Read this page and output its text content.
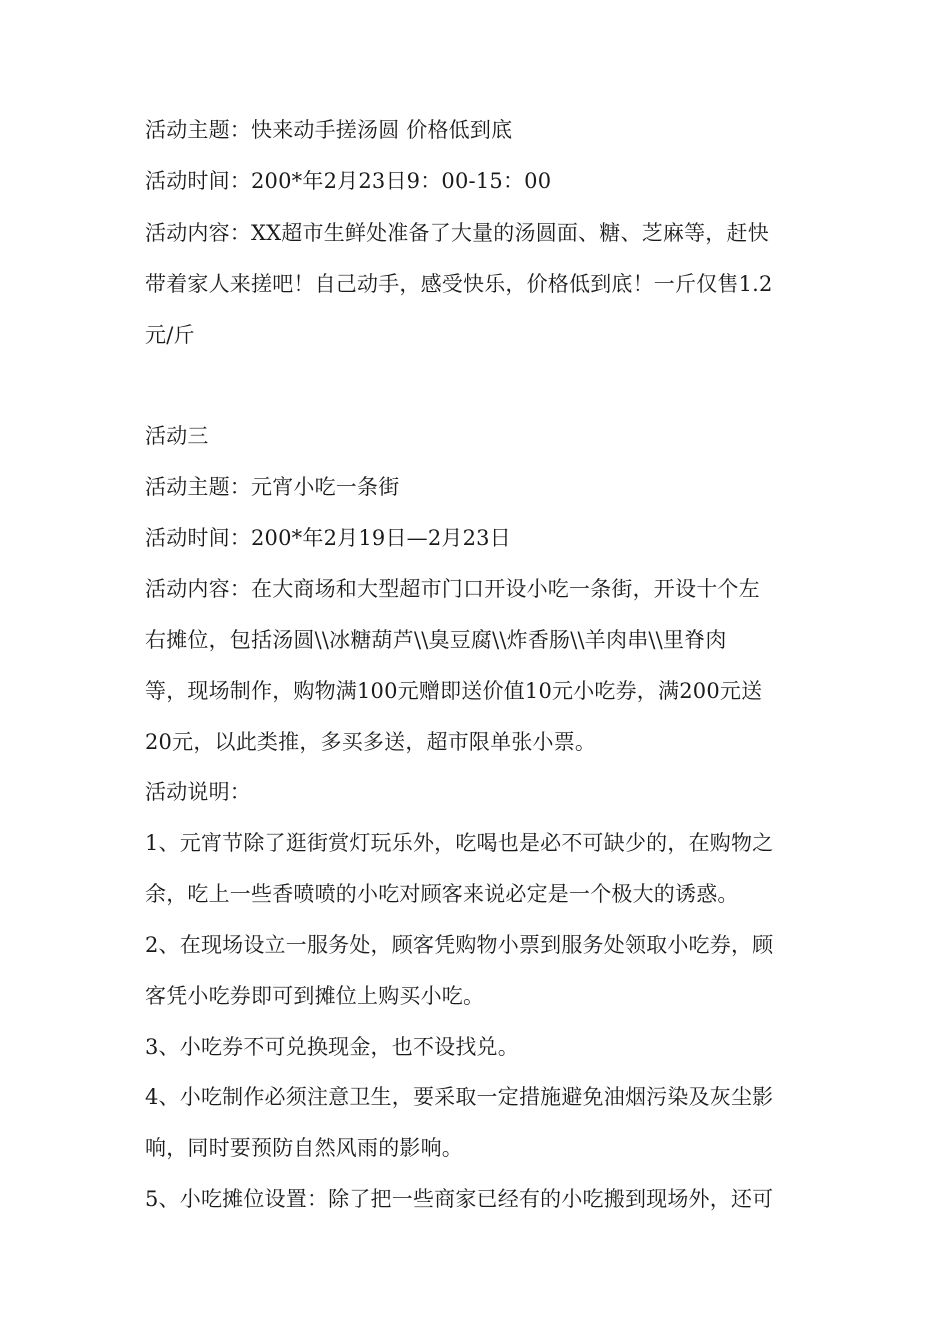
活动主题：快来动手搓汤圆 价格低到底
活动时间：200*年2月23日9：00-15：00
活动内容：XX超市生鲜处准备了大量的汤圆面、糖、芝麻等，赶快
带着家人来搓吧！自己动手，感受快乐，价格低到底！一斤仅售1.2
元/斤
活动三
活动主题：元宵小吃一条街
活动时间：200*年2月19日—2月23日
活动内容：在大商场和大型超市门口开设小吃一条街，开设十个左
右摊位，包括汤圆\\冰糖葫芦\\臭豆腐\\炸香肠\\羊肉串\\里脊肉
等，现场制作，购物满100元赠即送价值10元小吃券，满200元送
20元，以此类推，多买多送，超市限单张小票。
活动说明：
1、元宵节除了逛街赏灯玩乐外，吃喝也是必不可缺少的，在购物之
余，吃上一些香喷喷的小吃对顾客来说必定是一个极大的诱惑。
2、在现场设立一服务处，顾客凭购物小票到服务处领取小吃券，顾
客凭小吃券即可到摊位上购买小吃。
3、小吃券不可兑换现金，也不设找兑。
4、小吃制作必须注意卫生，要采取一定措施避免油烟污染及灰尘影
响，同时要预防自然风雨的影响。
5、小吃摊位设置：除了把一些商家已经有的小吃搬到现场外，还可
